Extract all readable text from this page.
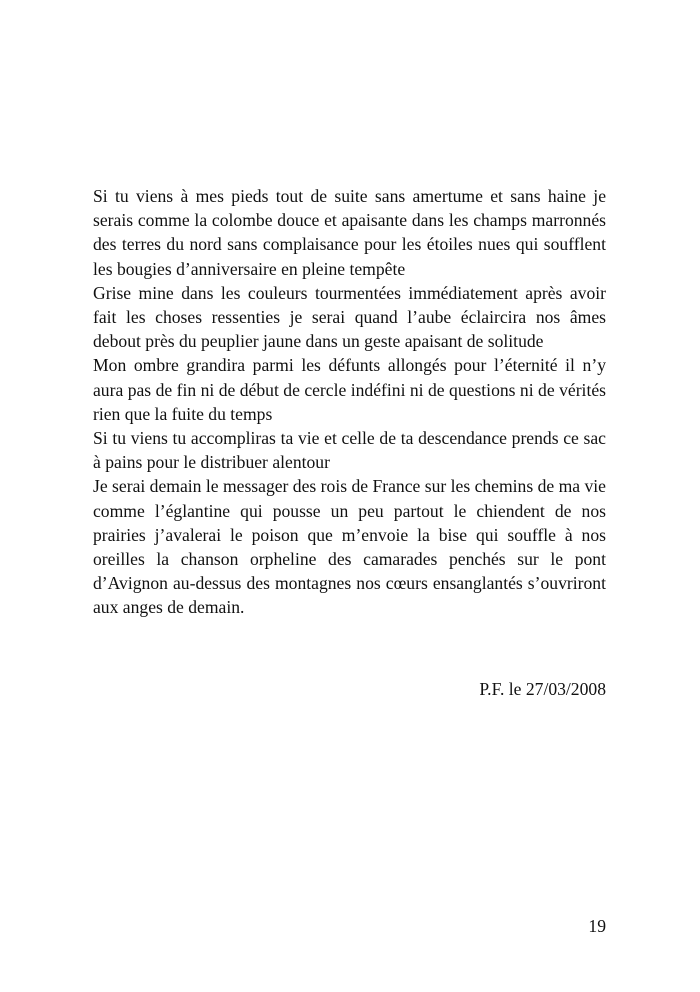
Si tu viens à mes pieds tout de suite sans amertume et sans haine je serais comme la colombe douce et apaisante dans les champs marronnés des terres du nord sans complaisance pour les étoiles nues qui soufflent les bougies d’anniversaire en pleine tempête

Grise mine dans les couleurs tourmentées immédiatement après avoir fait les choses ressenties je serai quand l’aube éclaircira nos âmes debout près du peuplier jaune dans un geste apaisant de solitude

Mon ombre grandira parmi les défunts allongés pour l’éternité il n’y aura pas de fin ni de début de cercle indéfini ni de questions ni de vérités rien que la fuite du temps

Si tu viens tu accompliras ta vie et celle de ta descendance prends ce sac à pains pour le distribuer alentour

Je serai demain le messager des rois de France sur les chemins de ma vie comme l’églantine qui pousse un peu partout le chiendent de nos prairies j’avalerai le poison que m’envoie la bise qui souffle à nos oreilles la chanson orpheline des camarades penchés sur le pont d’Avignon au-dessus des montagnes nos cœurs ensanglantés s’ouvriront aux anges de demain.

P.F. le 27/03/2008
19
